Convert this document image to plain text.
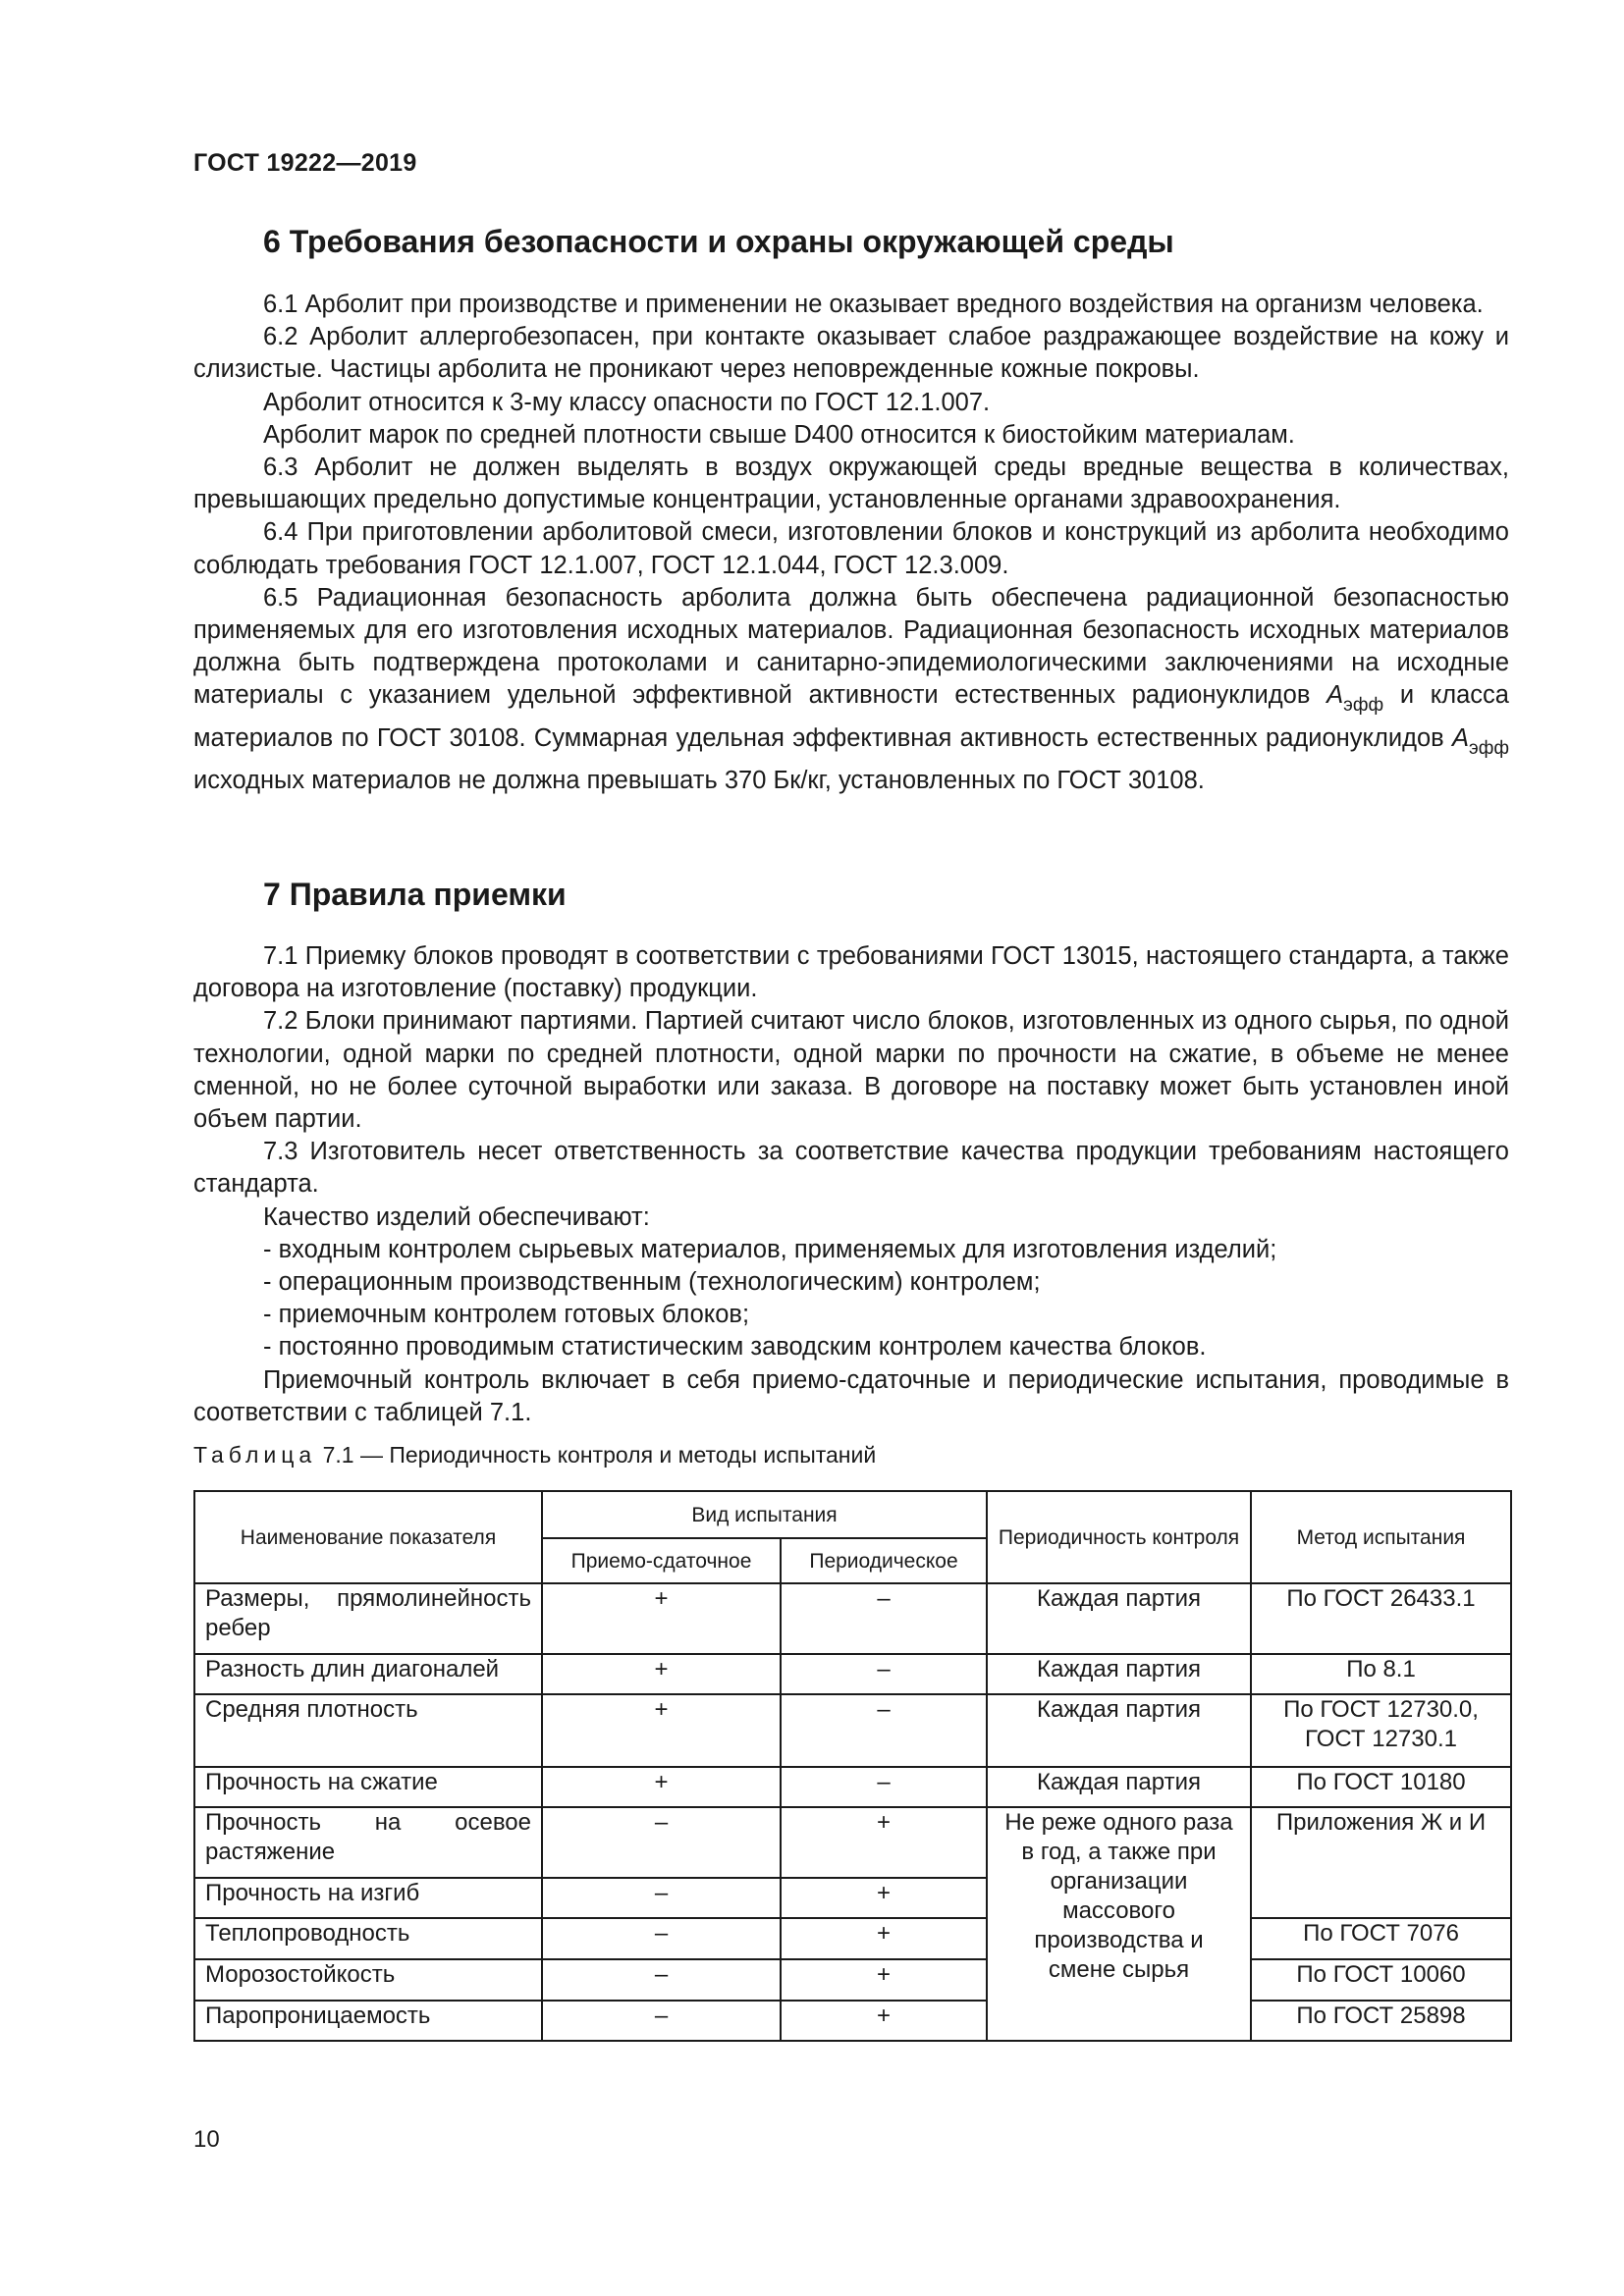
ГОСТ 19222—2019
6 Требования безопасности и охраны окружающей среды

6.1 Арболит при производстве и применении не оказывает вредного воздействия на организм человека.

6.2 Арболит аллергобезопасен, при контакте оказывает слабое раздражающее воздействие на кожу и слизистые. Частицы арболита не проникают через неповрежденные кожные покровы.

Арболит относится к 3-му классу опасности по ГОСТ 12.1.007.

Арболит марок по средней плотности свыше D400 относится к биостойким материалам.

6.3 Арболит не должен выделять в воздух окружающей среды вредные вещества в количествах, превышающих предельно допустимые концентрации, установленные органами здравоохранения.

6.4 При приготовлении арболитовой смеси, изготовлении блоков и конструкций из арболита необходимо соблюдать требования ГОСТ 12.1.007, ГОСТ 12.1.044, ГОСТ 12.3.009.

6.5 Радиационная безопасность арболита должна быть обеспечена радиационной безопасностью применяемых для его изготовления исходных материалов. Радиационная безопасность исходных материалов должна быть подтверждена протоколами и санитарно-эпидемиологическими заключениями на исходные материалы с указанием удельной эффективной активности естественных радионуклидов $A_{эфф}$ и класса материалов по ГОСТ 30108. Суммарная удельная эффективная активность естественных радионуклидов $A_{эфф}$ исходных материалов не должна превышать 370 Бк/кг, установленных по ГОСТ 30108.

7 Правила приемки

7.1 Приемку блоков проводят в соответствии с требованиями ГОСТ 13015, настоящего стандарта, а также договора на изготовление (поставку) продукции.

7.2 Блоки принимают партиями. Партией считают число блоков, изготовленных из одного сырья, по одной технологии, одной марки по средней плотности, одной марки по прочности на сжатие, в объеме не менее сменной, но не более суточной выработки или заказа. В договоре на поставку может быть установлен иной объем партии.

7.3 Изготовитель несет ответственность за соответствие качества продукции требованиям настоящего стандарта.

Качество изделий обеспечивают:

- входным контролем сырьевых материалов, применяемых для изготовления изделий;

- операционным производственным (технологическим) контролем;

- приемочным контролем готовых блоков;

- постоянно проводимым статистическим заводским контролем качества блоков.

Приемочный контроль включает в себя приемо-сдаточные и периодические испытания, проводимые в соответствии с таблицей 7.1.

Таблица 7.1 — Периодичность контроля и методы испытаний
Наименование показателя	Вид испытания		Периодичность контроля	Метод испытания
	Приемо-сдаточное	Периодическое		
Размеры, прямолинейность ребер	+	–	Каждая партия	По ГОСТ 26433.1
Разность длин диагоналей	+	–	Каждая партия	По 8.1
Средняя плотность	+	–	Каждая партия	По ГОСТ 12730.0, ГОСТ 12730.1
Прочность на сжатие	+	–	Каждая партия	По ГОСТ 10180
Прочность на осевое растяжение	–	+	Не реже одного раза в год, а также при организации массового производства и смене сырья	Приложения Ж и И
Прочность на изгиб	–	+		
Теплопроводность	–	+		По ГОСТ 7076
Морозостойкость	–	+		По ГОСТ 10060
Паропроницаемость	–	+		По ГОСТ 25898
10
